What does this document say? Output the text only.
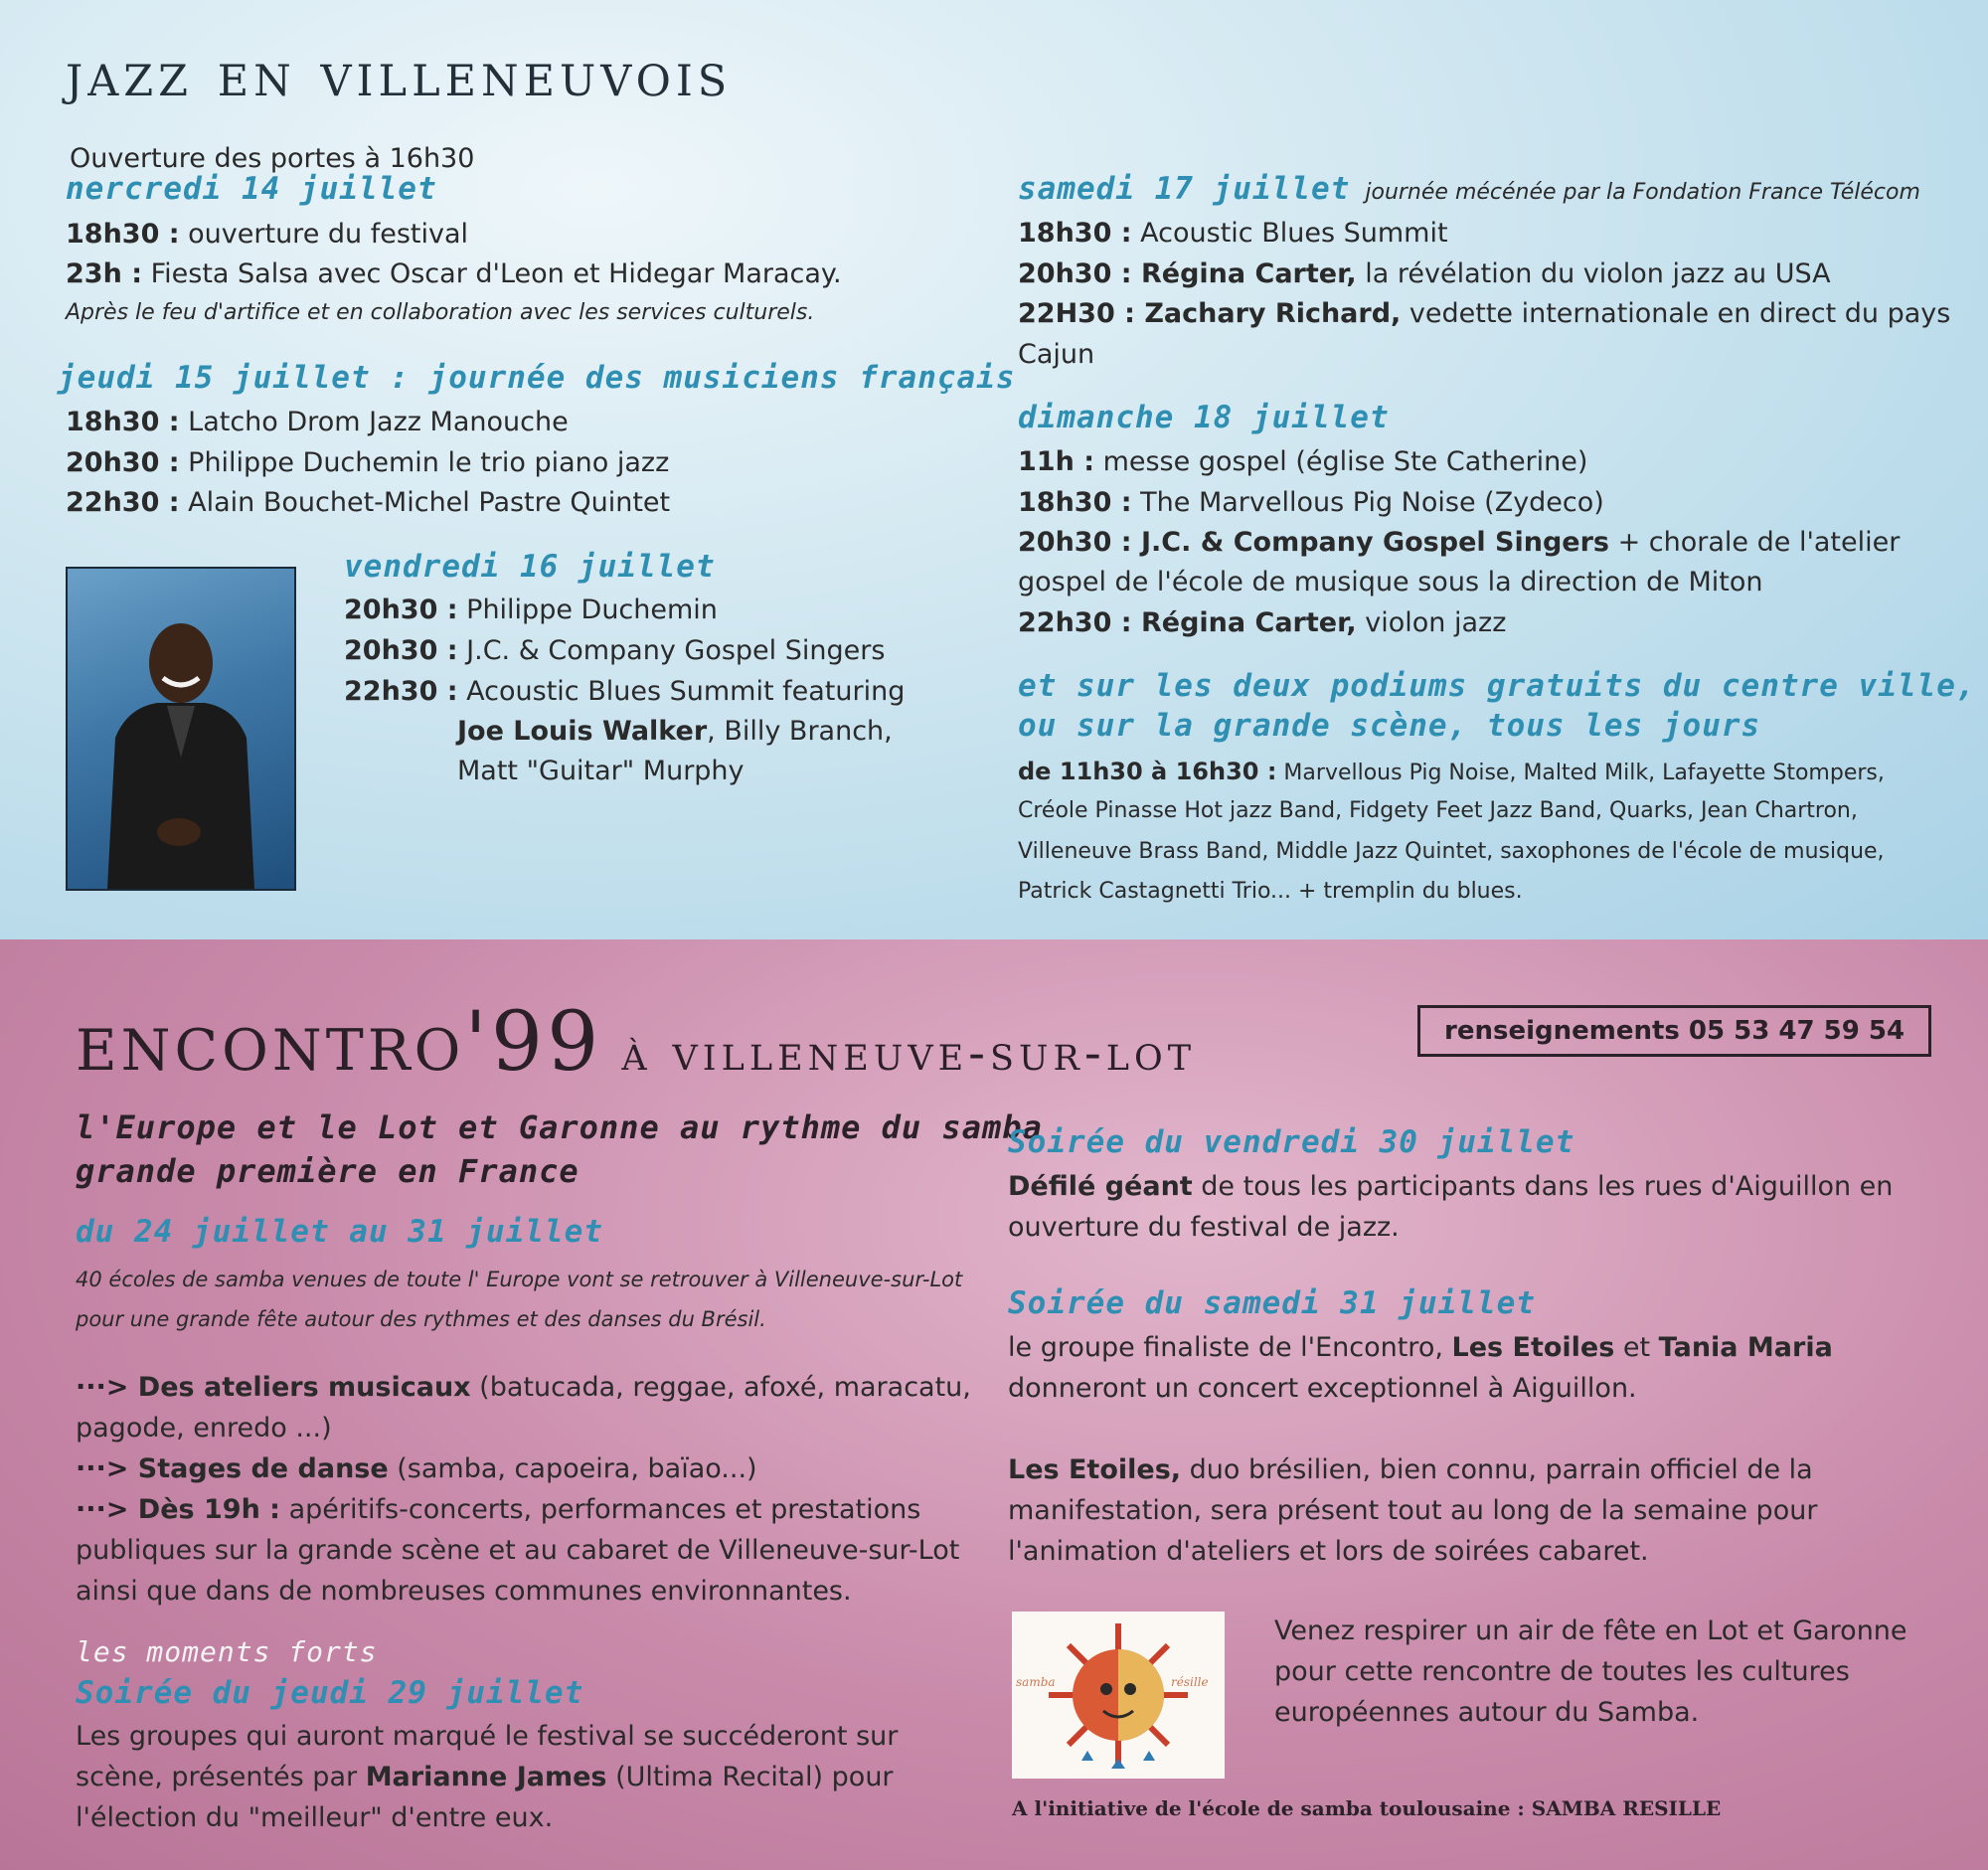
jazz en villeneuvois
Ouverture des portes à 16h30
nercredi 14 juillet
18h30 : ouverture du festival
23h : Fiesta Salsa avec Oscar d'Leon et Hidegar Maracay.
Après le feu d'artifice et en collaboration avec les services culturels.
jeudi 15 juillet : journée des musiciens français
18h30 : Latcho Drom Jazz Manouche
20h30 : Philippe Duchemin le trio piano jazz
22h30 : Alain Bouchet-Michel Pastre Quintet
vendredi 16 juillet
20h30 : Philippe Duchemin
20h30 : J.C. & Company Gospel Singers
22h30 : Acoustic Blues Summit featuring
Joe Louis Walker, Billy Branch,
Matt "Guitar" Murphy
samedi 17 juillet journée mécénée par la Fondation France Télécom
18h30 : Acoustic Blues Summit
20h30 : Régina Carter, la révélation du violon jazz au USA
22H30 : Zachary Richard, vedette internationale en direct du pays
Cajun
dimanche 18 juillet
11h : messe gospel (église Ste Catherine)
18h30 : The Marvellous Pig Noise (Zydeco)
20h30 : J.C. & Company Gospel Singers + chorale de l'atelier
gospel de l'école de musique sous la direction de Miton
22h30 : Régina Carter, violon jazz
et sur les deux podiums gratuits du centre ville,
ou sur la grande scène, tous les jours
de 11h30 à 16h30 : Marvellous Pig Noise, Malted Milk, Lafayette Stompers,
Créole Pinasse Hot jazz Band, Fidgety Feet Jazz Band, Quarks, Jean Chartron,
Villeneuve Brass Band, Middle Jazz Quintet, saxophones de l'école de musique,
Patrick Castagnetti Trio... + tremplin du blues.
encontro'99 à villeneuve-sur-lot	renseignements 05 53 47 59 54
l'Europe et le Lot et Garonne au rythme du samba
grande première en France
du 24 juillet au 31 juillet
40 écoles de samba venues de toute l' Europe vont se retrouver à Villeneuve-sur-Lot
pour une grande fête autour des rythmes et des danses du Brésil.
···> Des ateliers musicaux (batucada, reggae, afoxé, maracatu,
pagode, enredo ...)
···> Stages de danse (samba, capoeira, baïao...)
···> Dès 19h : apéritifs-concerts, performances et prestations
publiques sur la grande scène et au cabaret de Villeneuve-sur-Lot
ainsi que dans de nombreuses communes environnantes.
les moments forts
Soirée du jeudi 29 juillet
Les groupes qui auront marqué le festival se succéderont sur
scène, présentés par Marianne James (Ultima Recital) pour
l'élection du "meilleur" d'entre eux.
Soirée du vendredi 30 juillet
Défilé géant de tous les participants dans les rues d'Aiguillon en
ouverture du festival de jazz.
Soirée du samedi 31 juillet
le groupe finaliste de l'Encontro, Les Etoiles et Tania Maria
donneront un concert exceptionnel à Aiguillon.
Les Etoiles, duo brésilien, bien connu, parrain officiel de la
manifestation, sera présent tout au long de la semaine pour
l'animation d'ateliers et lors de soirées cabaret.
samba	résille
Venez respirer un air de fête en Lot et Garonne
pour cette rencontre de toutes les cultures
européennes autour du Samba.
A l'initiative de l'école de samba toulousaine : SAMBA RESILLE
